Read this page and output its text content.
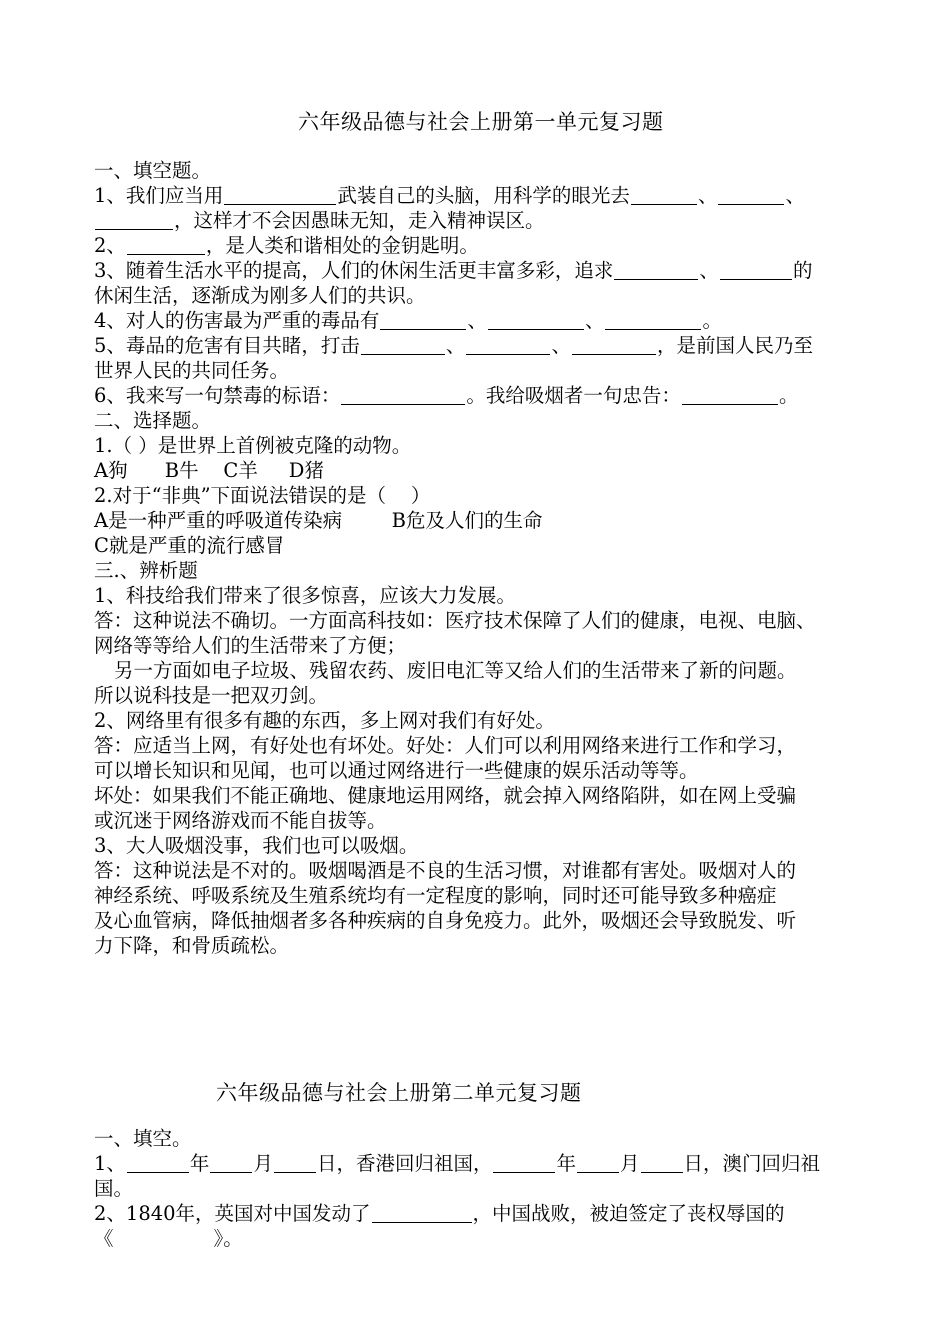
六年级品德与社会上册第一单元复习题
一、填空题。
1、我们应当用	武装自己的头脑，用科学的眼光去	、	、
，这样才不会因愚昧无知，走入精神误区。
2、	，是人类和谐相处的金钥匙明。
3、随着生活水平的提高，人们的休闲生活更丰富多彩，追求	、	的
休闲生活，逐渐成为刚多人们的共识。
4、对人的伤害最为严重的毒品有	、	、	。
5、毒品的危害有目共睹，打击	、	、	，是前国人民乃至
世界人民的共同任务。
6、我来写一句禁毒的标语：	。我给吸烟者一句忠告：	。
二、选择题。
1.（ ）是世界上首例被克隆的动物。
A狗      B牛    C羊     D猪
2.对于“非典”下面说法错误的是（    ）
A是一种严重的呼吸道传染病        B危及人们的生命
C就是严重的流行感冒
三.、辨析题
1、科技给我们带来了很多惊喜，应该大力发展。
答：这种说法不确切。一方面高科技如：医疗技术保障了人们的健康，电视、电脑、
网络等等给人们的生活带来了方便；
另一方面如电子垃圾、残留农药、废旧电汇等又给人们的生活带来了新的问题。
所以说科技是一把双刃剑。
2、网络里有很多有趣的东西，多上网对我们有好处。
答：应适当上网，有好处也有坏处。好处：人们可以利用网络来进行工作和学习，
可以增长知识和见闻，也可以通过网络进行一些健康的娱乐活动等等。
坏处：如果我们不能正确地、健康地运用网络，就会掉入网络陷阱，如在网上受骗
或沉迷于网络游戏而不能自拔等。
3、大人吸烟没事，我们也可以吸烟。
答：这种说法是不对的。吸烟喝酒是不良的生活习惯，对谁都有害处。吸烟对人的
神经系统、呼吸系统及生殖系统均有一定程度的影响，同时还可能导致多种癌症
及心血管病，降低抽烟者多各种疾病的自身免疫力。此外，吸烟还会导致脱发、听
力下降，和骨质疏松。
六年级品德与社会上册第二单元复习题
一、填空。
1、	年 月 日，香港回归祖国，	年 月 日，澳门回归祖
国。
2、1840年，英国对中国发动了	，中国战败，被迫签定了丧权辱国的
《	》。
